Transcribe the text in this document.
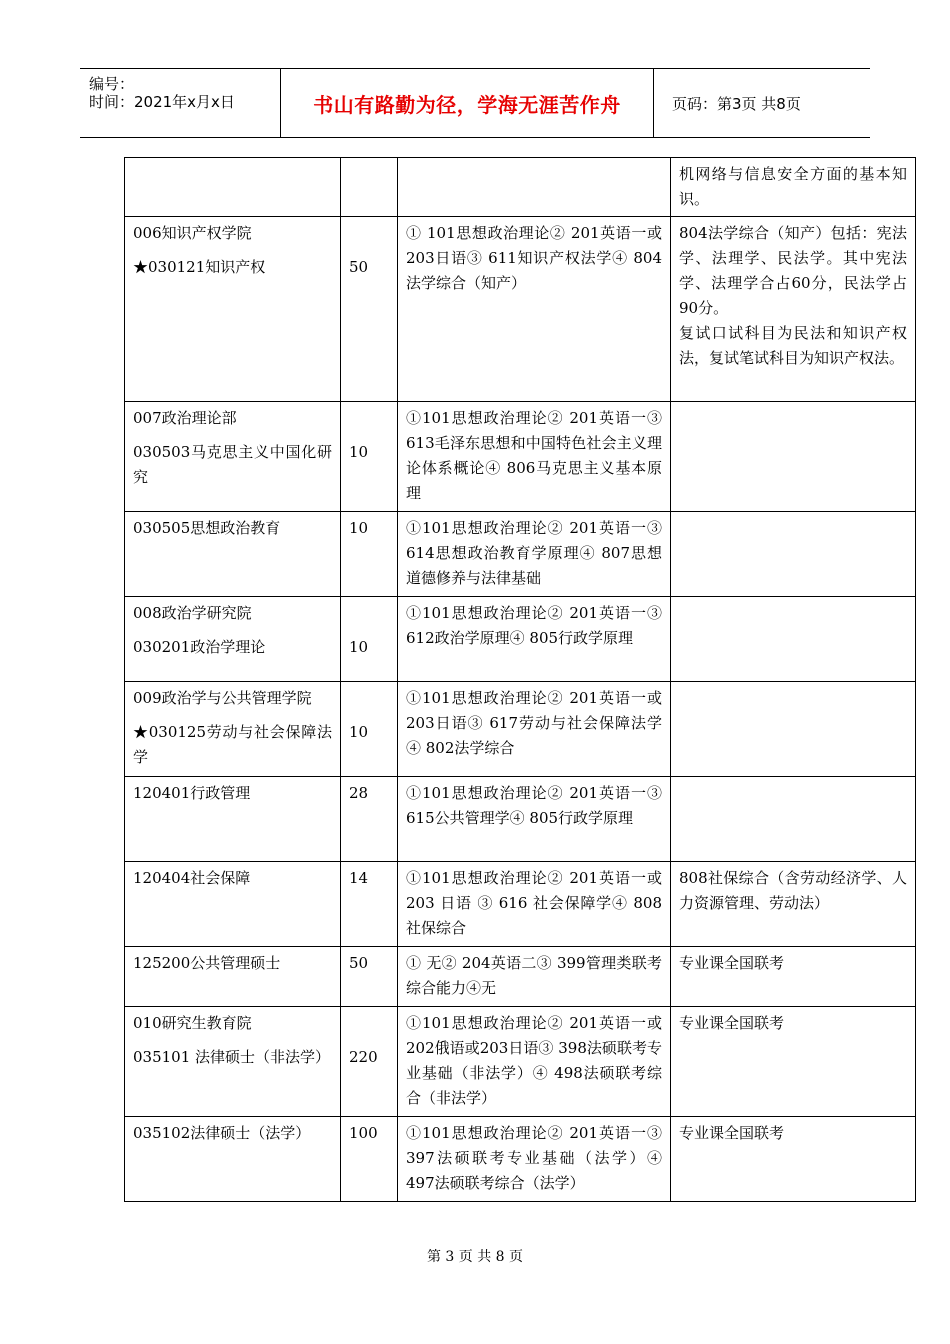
编号：
时间：2021年x月x日	书山有路勤为径，学海无涯苦作舟	页码：第3页 共8页
			机网络与信息安全方面的基本知识。

006知识产权学院
★030121知识产权	50	① 101思想政治理论② 201英语一或203日语③ 611知识产权法学④ 804法学综合（知产）	804法学综合（知产）包括：宪法学、法理学、民法学。其中宪法学、法理学合占60分，民法学占90分。
复试口试科目为民法和知识产权法，复试笔试科目为知识产权法。

007政治理论部
030503马克思主义中国化研究	10	①101思想政治理论② 201英语一③ 613毛泽东思想和中国特色社会主义理论体系概论④ 806马克思主义基本原理	
030505思想政治教育	10	①101思想政治理论② 201英语一③ 614思想政治教育学原理④ 807思想道德修养与法律基础	

008政治学研究院
030201政治学理论	10	①101思想政治理论② 201英语一③ 612政治学原理④ 805行政学原理	

009政治学与公共管理学院
★030125劳动与社会保障法学	10	①101思想政治理论② 201英语一或203日语③ 617劳动与社会保障法学④ 802法学综合	
120401行政管理	28	①101思想政治理论② 201英语一③ 615公共管理学④ 805行政学原理	
120404社会保障	14	①101思想政治理论② 201英语一或 203 日语 ③ 616 社会保障学④ 808社保综合	808社保综合（含劳动经济学、人力资源管理、劳动法）
125200公共管理硕士	50	① 无② 204英语二③ 399管理类联考综合能力④无	专业课全国联考

010研究生教育院
035101 法律硕士（非法学）	220	①101思想政治理论② 201英语一或202俄语或203日语③ 398法硕联考专业基础（非法学）④ 498法硕联考综合（非法学）	专业课全国联考
035102法律硕士（法学）	100	①101思想政治理论② 201英语一③ 397法硕联考专业基础（法学）④ 497法硕联考综合（法学）	专业课全国联考
第 3 页 共 8 页
